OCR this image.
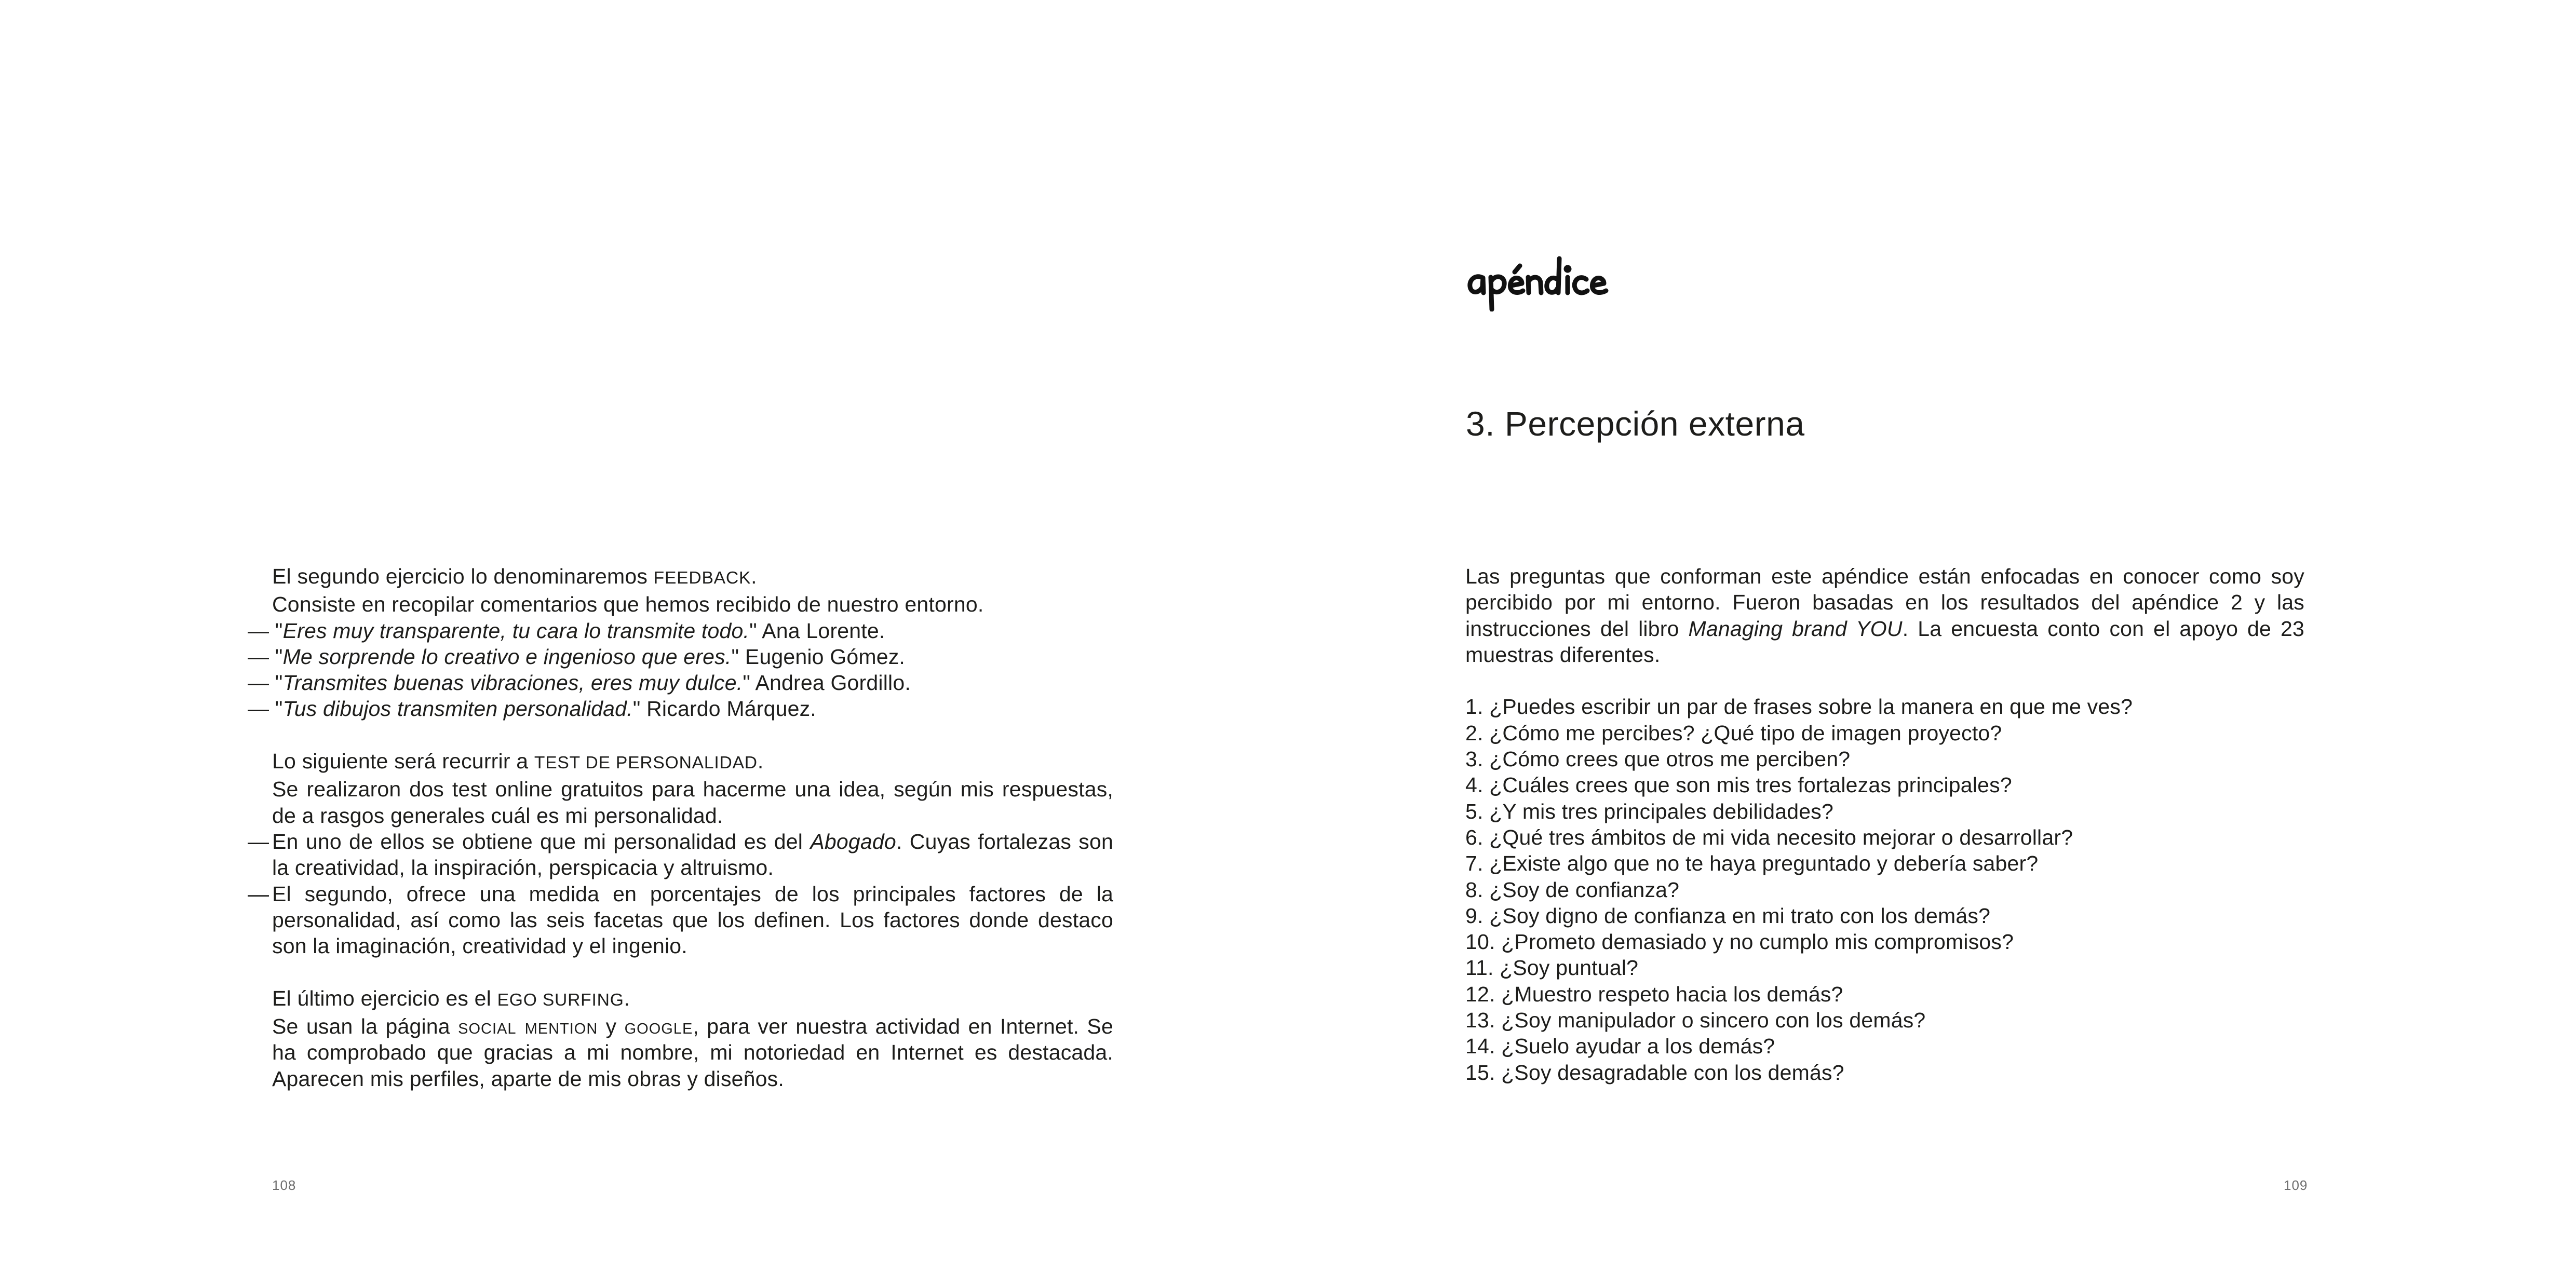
El segundo ejercicio lo denominaremos FEEDBACK.

Consiste en recopilar comentarios que hemos recibido de nuestro entorno.

— "Eres muy transparente, tu cara lo transmite todo." Ana Lorente.
— "Me sorprende lo creativo e ingenioso que eres." Eugenio Gómez.
— "Transmites buenas vibraciones, eres muy dulce." Andrea Gordillo.
— "Tus dibujos transmiten personalidad." Ricardo Márquez.

Lo siguiente será recurrir a TEST DE PERSONALIDAD.

Se realizaron dos test online gratuitos para hacerme una idea, según mis respuestas, de a rasgos generales cuál es mi personalidad.

— En uno de ellos se obtiene que mi personalidad es del Abogado. Cuyas fortalezas son la creatividad, la inspiración, perspicacia y altruismo.
— El segundo, ofrece una medida en porcentajes de los principales factores de la personalidad, así como las seis facetas que los definen. Los factores donde destaco son la imaginación, creatividad y el ingenio.

El último ejercicio es el EGO SURFING.

Se usan la página social mention y google, para ver nuestra actividad en Internet. Se ha comprobado que gracias a mi nombre, mi notoriedad en Internet es destacada. Aparecen mis perfiles, aparte de mis obras y diseños.

108
3. Percepción externa

Las preguntas que conforman este apéndice están enfocadas en conocer como soy percibido por mi entorno. Fueron basadas en los resultados del apéndice 2 y las instrucciones del libro Managing brand YOU. La encuesta conto con el apoyo de 23 muestras diferentes.

1. ¿Puedes escribir un par de frases sobre la manera en que me ves?
2. ¿Cómo me percibes? ¿Qué tipo de imagen proyecto?
3. ¿Cómo crees que otros me perciben?
4. ¿Cuáles crees que son mis tres fortalezas principales?
5. ¿Y mis tres principales debilidades?
6. ¿Qué tres ámbitos de mi vida necesito mejorar o desarrollar?
7. ¿Existe algo que no te haya preguntado y debería saber?
8. ¿Soy de confianza?
9. ¿Soy digno de confianza en mi trato con los demás?
10. ¿Prometo demasiado y no cumplo mis compromisos?
11. ¿Soy puntual?
12. ¿Muestro respeto hacia los demás?
13. ¿Soy manipulador o sincero con los demás?
14. ¿Suelo ayudar a los demás?
15. ¿Soy desagradable con los demás?
109
